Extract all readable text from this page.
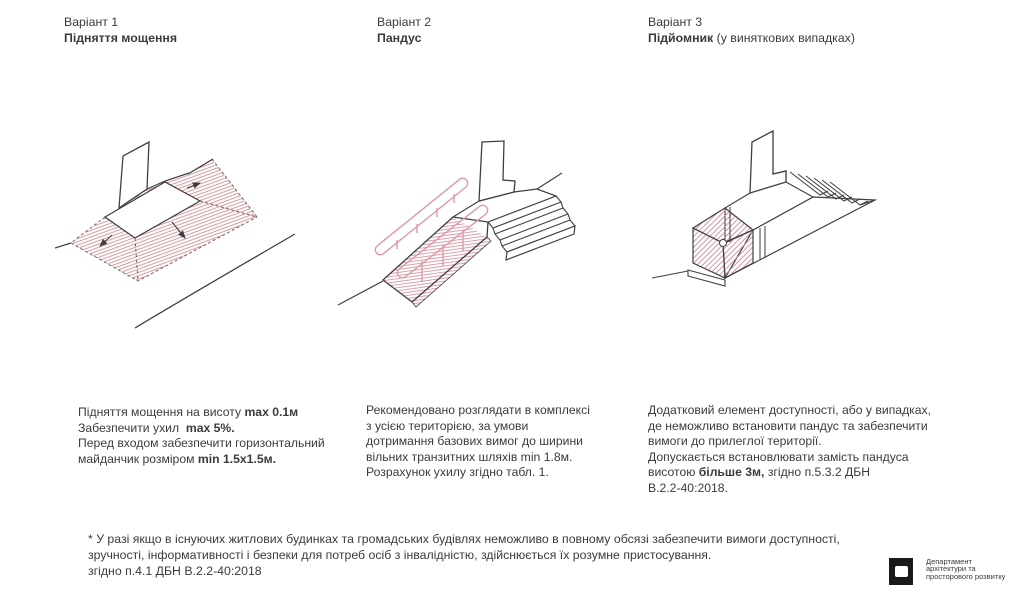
Варіант 1
Підняття мощення
Варіант 2
Пандус
Варіант 3
Підйомник (у виняткових випадках)
Підняття мощення на висоту max 0.1м
Забезпечити ухил  max 5%.
Перед входом забезпечити горизонтальний
майданчик розміром min 1.5x1.5м.
Рекомендовано розглядати в комплексі
з усією територією, за умови
дотримання базових вимог до ширини
вільних транзитних шляхів min 1.8м.
Розрахунок ухилу згідно табл. 1.
Додатковий елемент доступності, або у випадках,
де неможливо встановити пандус та забезпечити
вимоги до прилеглої території.
Допускається встановлювати замість пандуса
висотою більше 3м, згідно п.5.3.2 ДБН
В.2.2-40:2018.
* У разі якщо в існуючих житлових будинках та громадських будівлях неможливо в повному обсязі забезпечити вимоги доступності,
зручності, інформативності і безпеки для потреб осіб з інвалідністю, здійснюється їх розумне пристосування.
згідно п.4.1 ДБН В.2.2-40:2018
Департамент
архітектури та
просторового розвитку
